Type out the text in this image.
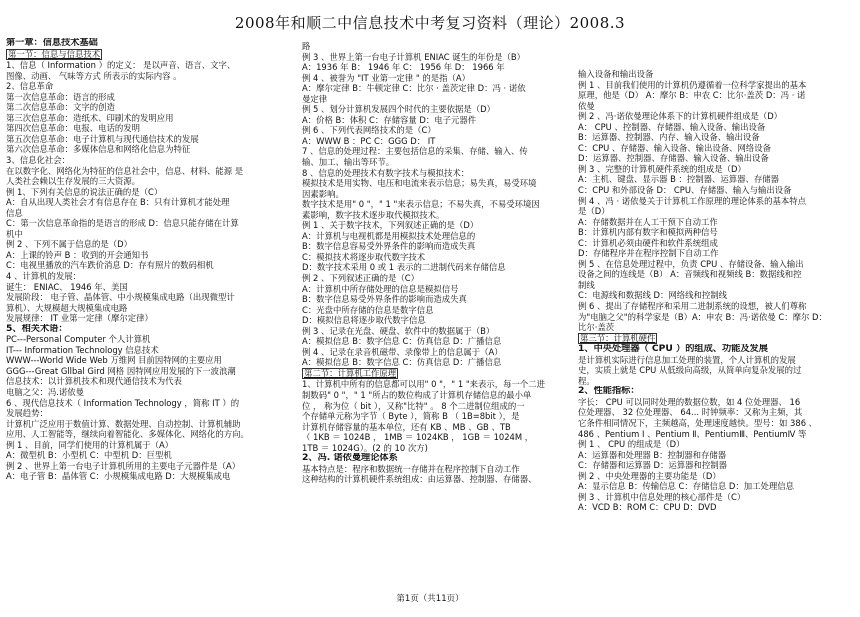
2008年和顺二中信息技术中考复习资料（理论）2008.3
第一章：信息技术基础
第一节：信息与信息技术
1、信息（ Information ）的定义： 是以声音、语言、文字、
图像、动画、 气味等方式 所表示的实际内容 。
2、信息革命
第一次信息革命：语言的形成
第二次信息革命：文字的创造
第三次信息革命：造纸术、印刷术的发明应用
第四次信息革命：电报、电话的发明
第五次信息革命：电子计算机与现代通信技术的发展
第六次信息革命：多媒体信息和网络化信息为特征
3、信息化社会：
在以数字化、网络化为特征的信息社会中，信息、材料、能源 是
人类社会赖以生存发展的三大资源。
例 1、下列有关信息的说法正确的是（C）
A：自从出现人类社会才有信息存在 B：只有计算机才能处理
信息
C：第一次信息革命指的是语言的形成 D：信息只能存储在计算
机中
例 2 、下列不属于信息的是（D）
A：上课的铃声 B ：收到的开会通知书
C：电视里播放的汽车跌价消息 D：存有照片的数码相机
4 、计算机的发展：
诞生： ENIAC、 1946 年、美国
发展阶段： 电子管、晶体管、中小规模集成电路（出现微型计
算机）、大规模超大规模集成电路
发展规律： IT 业第一定律（摩尔定律）
5、相关术语：
PC---Personal Computer 个人计算机
IT--- Information Technology 信息技术
WWW---World Wide Web 万维网 目前因特网的主要应用
GGG---Great Gllbal Gird 网格 因特网应用发展的下一波浪潮
信息技术：以计算机技术和现代通信技术为代表
电脑之父：冯.诺依曼
6 、现代信息技术（ Information Technology ，简称 IT ）的
发展趋势：
计算机广泛应用于数值计算、数据处理、自动控制、计算机辅助
应用、人工智能等，继续向着智能化、多媒体化、网络化的方向。
例 1 、目前，同学们使用的计算机属于（A）
A：微型机 B：小型机 C：中型机 D：巨型机
例 2 、世界上第一台电子计算机所用的主要电子元器件是（A）
A：电子管 B：晶体管 C：小规模集成电路 D：大规模集成电
路
例 3 、世界上第一台电子计算机 ENIAC 诞生的年份是（B）
A：1936 年 B： 1946 年 C： 1956 年 D： 1966 年
例 4 、被誉为 "IT 业第一定律 " 的是指（A）
A：摩尔定律 B：牛顿定律 C：比尔 · 盖茨定律 D：冯 · 诺依
曼定律
例 5 、划分计算机发展四个时代的主要依据是（D）
A：价格 B：体积 C：存储容量 D：电子元器件
例 6 、下列代表网络技术的是（C）
A：WWW B ：PC C：GGG D： IT
7 、信息的处理过程：主要包括信息的采集、存储、输入、传
输、加工、输出等环节。
8 、信息的处理技术有数字技术与模拟技术：
模拟技术是用实物、电压和电流来表示信息；易失真，易受环境
因素影响。
数字技术是用" 0 "，" 1 "来表示信息；不易失真，不易受环境因
素影响，数字技术逐步取代模拟技术。
例 1 、关于数字技术，下列叙述正确的是（D）
A：计算机与电视机都是用模拟技术处理信息的
B：数字信息容易受外界条件的影响而造成失真
C：模拟技术将逐步取代数字技术
D：数字技术采用 0 或 1 表示的二进制代码来存储信息
例 2 、下列叙述正确的是（C）
A：计算机中所存储处理的信息是模拟信号
B：数字信息易受外界条件的影响而造成失真
C：光盘中所存储的信息是数字信息
D：模拟信息将逐步取代数字信息
例 3 、记录在光盘、硬盘、软件中的数据属于（B）
A：模拟信息 B：数字信息 C：仿真信息 D：广播信息
例 4 、记录在录音机磁带、录像带上的信息属于（A）
A：模拟信息 B：数字信息 C：仿真信息 D：广播信息
第二节：计算机工作原理
1、计算机中所有的信息都可以用" 0 "，" 1 "来表示，每一个二进
制数码" 0 "，" 1 "所占的数位构成了计算机存储信息的最小单
位 ， 称为位（ bit ），又称"比特" 。 8 个二进制位组成的一
个存储单元称为字节（ Byte ），简称 B （ 1B=8bit ），是
计算机存储容量的基本单位，还有 KB 、MB 、GB 、TB
（ 1KB ＝ 1024B ， 1MB ＝ 1024KB ， 1GB ＝ 1024M ，
1TB ＝ 1024G）。(2 的 10 次方)
2、冯. 诺依曼理论体系
基本特点是：程序和数据统一存储并在程序控制下自动工作
这种结构的计算机硬件系统组成：由运算器、控制器、存储器、
输入设备和输出设备
例 1 、目前我们使用的计算机仍遵循着一位科学家提出的基本
原理，他是（D） A：摩尔 B：申农 C：比尔·盖茨 D：冯 · 诺
依曼
例 2 、冯·诺依曼理论体系下的计算机硬件组成是（D）
A： CPU 、控制器、存储器、输入设备、输出设备
B：运算器、控制器、内存、输入设备、输出设备
C：CPU 、存储器、输入设备、输出设备、网络设备
D：运算器、控制器、存储器、输入设备、输出设备
例 3 、完整的计算机硬件系统的组成是（D）
A：主机、键盘、显示器 B ：控制器、运算器、存储器
C：CPU 和外部设备 D： CPU、存储器、输入与输出设备
例 4 、冯 · 诺依曼关于计算机工作原理的理论体系的基本特点
是（D）
A：存储数据并在人工干预下自动工作
B：计算机内部有数字和模拟两种信号
C：计算机必须由硬件和软件系统组成
D：存储程序并在程序控制下自动工作
例 5 、在信息处理过程中，负责 CPU 、存储设备、输入输出
设备之间的连线是（B） A：音频线和视频线 B：数据线和控
制线
C：电源线和数据线 D：网络线和控制线
例 6 、提出了存储程序和采用二进制系统的设想，被人们尊称
为"电脑之父"的科学家是（B）A：申农 B：冯·诺依曼 C：摩尔 D：
比尔·盖茨
第三节：计算机硬件
1、中央处理器（ CPU ）的组成、功能及发展
是计算机实际进行信息加工处理的装置，个人计算机的发展
史，实质上就是 CPU 从低级向高级，从简单向复杂发展的过
程。
2、性能指标：
字长： CPU 可以同时处理的数据位数，如 4 位处理器、 16
位处理器、 32 位处理器、 64... 时钟频率：又称为主频，其
它条件相同情况下，主频越高，处理速度越快。型号：如 386 、
486 、Pentium Ⅰ 、Pentium Ⅱ、PentiumⅢ、PentiumⅣ 等
例 1 、 CPU 的组成是（D）
A：运算器和处理器 B：控制器和存储器
C：存储器和运算器 D：运算器和控制器
例 2 、中央处理器的主要功能是（D）
A：显示信息 B：传输信息 C：存储信息 D：加工处理信息
例 3 、计算机中信息处理的核心部件是（C）
A：VCD B：ROM C：CPU D：DVD
第1页（共11页）
